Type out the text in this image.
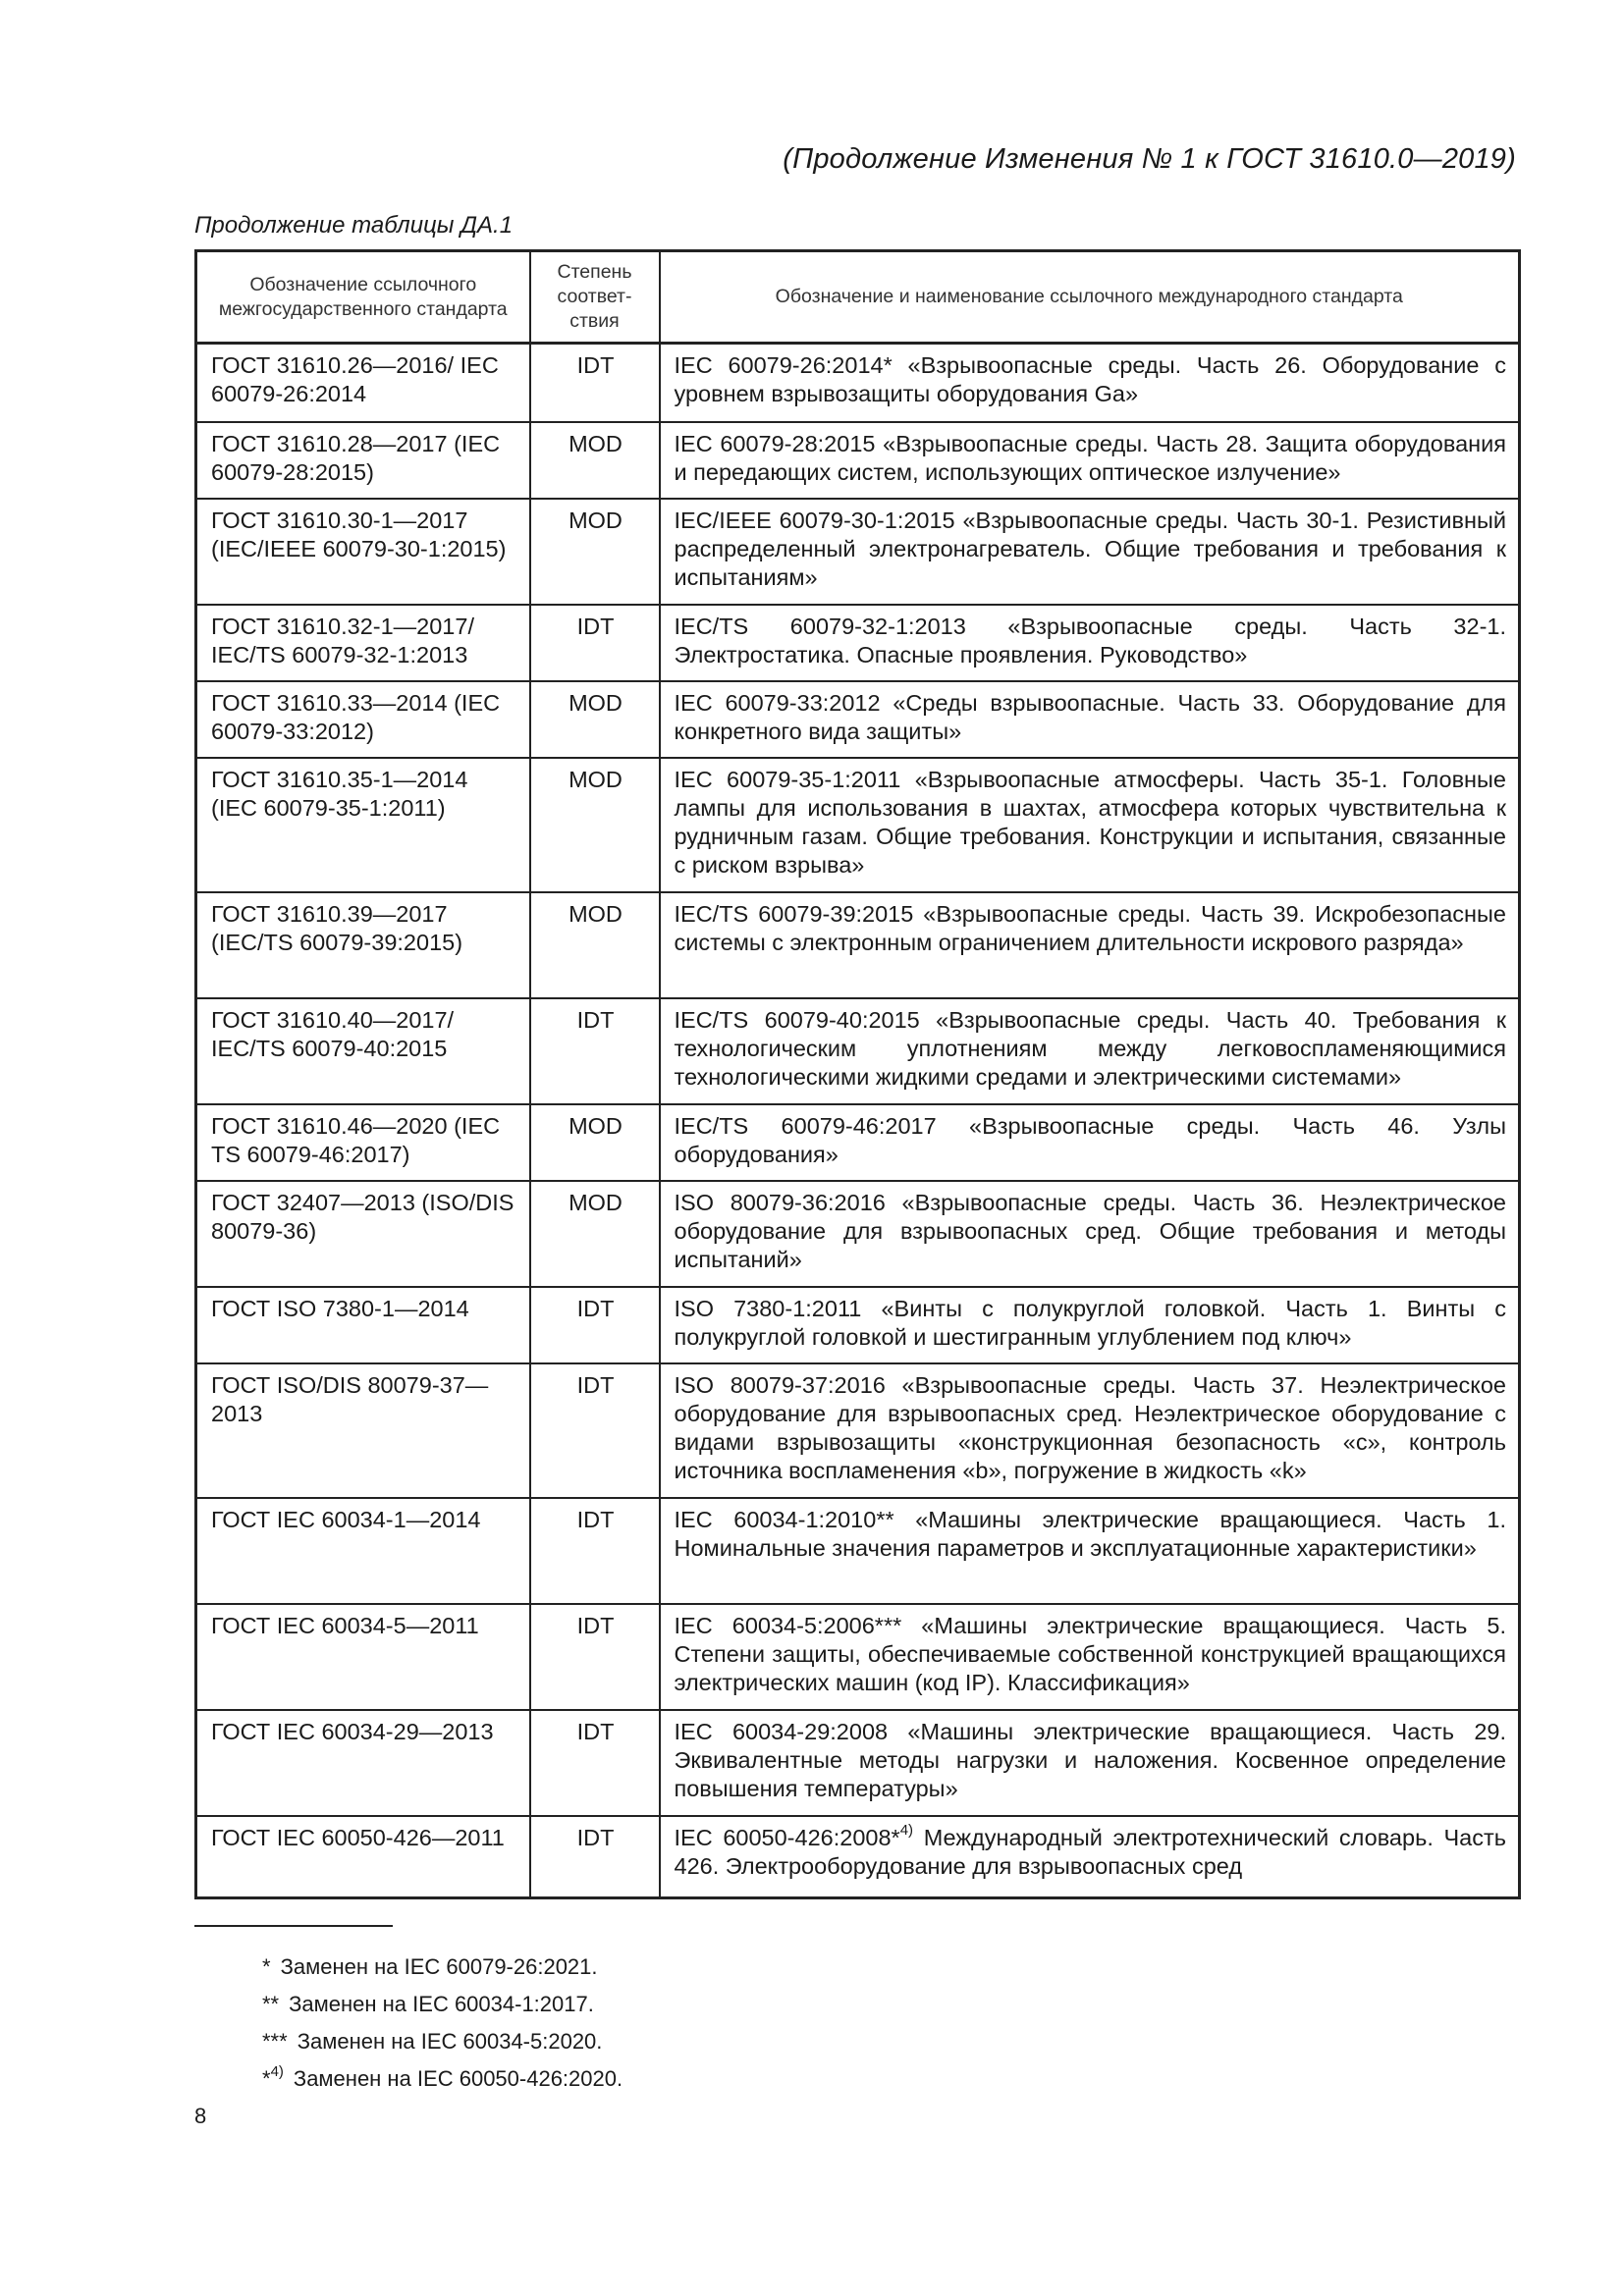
(Продолжение Изменения № 1 к ГОСТ 31610.0—2019)
Продолжение таблицы ДА.1
Обозначение ссылочного межгосударственного стандарта	Степень соответ- ствия	Обозначение и наименование ссылочного международного стандарта
ГОСТ 31610.26—2016/ IEC 60079-26:2014	IDT	IEC 60079-26:2014* «Взрывоопасные среды. Часть 26. Оборудование с уровнем взрывозащиты оборудования Ga»
ГОСТ 31610.28—2017 (IEC 60079-28:2015)	MOD	IEC 60079-28:2015 «Взрывоопасные среды. Часть 28. Защита оборудования и передающих систем, использующих оптическое излучение»
ГОСТ 31610.30-1—2017 (IEC/IEEE 60079-30-1:2015)	MOD	IEC/IEEE 60079-30-1:2015 «Взрывоопасные среды. Часть 30-1. Резистивный распределенный электронагреватель. Общие требования и требования к испытаниям»
ГОСТ 31610.32-1—2017/ IEC/TS 60079-32-1:2013	IDT	IEC/TS 60079-32-1:2013 «Взрывоопасные среды. Часть 32-1. Электростатика. Опасные проявления. Руководство»
ГОСТ 31610.33—2014 (IEC 60079-33:2012)	MOD	IEC 60079-33:2012 «Среды взрывоопасные. Часть 33. Оборудование для конкретного вида защиты»
ГОСТ 31610.35-1—2014 (IEC 60079-35-1:2011)	MOD	IEC 60079-35-1:2011 «Взрывоопасные атмосферы. Часть 35-1. Головные лампы для использования в шахтах, атмосфера которых чувствительна к рудничным газам. Общие требования. Конструкции и испытания, связанные с риском взрыва»
ГОСТ 31610.39—2017 (IEC/TS 60079-39:2015)	MOD	IEC/TS 60079-39:2015 «Взрывоопасные среды. Часть 39. Искробезопасные системы с электронным ограничением длительности искрового разряда»
ГОСТ 31610.40—2017/ IEC/TS 60079-40:2015	IDT	IEC/TS 60079-40:2015 «Взрывоопасные среды. Часть 40. Требования к технологическим уплотнениям между легковоспламеняющимися технологическими жидкими средами и электрическими системами»
ГОСТ 31610.46—2020 (IEC TS 60079-46:2017)	MOD	IEC/TS 60079-46:2017 «Взрывоопасные среды. Часть 46. Узлы оборудования»
ГОСТ 32407—2013 (ISO/DIS 80079-36)	MOD	ISO 80079-36:2016 «Взрывоопасные среды. Часть 36. Неэлектрическое оборудование для взрывоопасных сред. Общие требования и методы испытаний»
ГОСТ ISO 7380-1—2014	IDT	ISO 7380-1:2011 «Винты с полукруглой головкой. Часть 1. Винты с полукруглой головкой и шестигранным углублением под ключ»
ГОСТ ISO/DIS 80079-37—2013	IDT	ISO 80079-37:2016 «Взрывоопасные среды. Часть 37. Неэлектрическое оборудование для взрывоопасных сред. Неэлектрическое оборудование с видами взрывозащиты «конструкционная безопасность «c», контроль источника воспламенения «b», погружение в жидкость «k»
ГОСТ IEC 60034-1—2014	IDT	IEC 60034-1:2010** «Машины электрические вращающиеся. Часть 1. Номинальные значения параметров и эксплуатационные характеристики»
ГОСТ IEC 60034-5—2011	IDT	IEC 60034-5:2006*** «Машины электрические вращающиеся. Часть 5. Степени защиты, обеспечиваемые собственной конструкцией вращающихся электрических машин (код IP). Классификация»
ГОСТ IEC 60034-29—2013	IDT	IEC 60034-29:2008 «Машины электрические вращающиеся. Часть 29. Эквивалентные методы нагрузки и наложения. Косвенное определение повышения температуры»
ГОСТ IEC 60050-426—2011	IDT	IEC 60050-426:2008*$^{4)}$ Международный электротехнический словарь. Часть 426. Электрооборудование для взрывоопасных сред
* Заменен на IEC 60079-26:2021.
** Заменен на IEC 60034-1:2017.
*** Заменен на IEC 60034-5:2020.
*$^{4)}$ Заменен на IEC 60050-426:2020.
8
